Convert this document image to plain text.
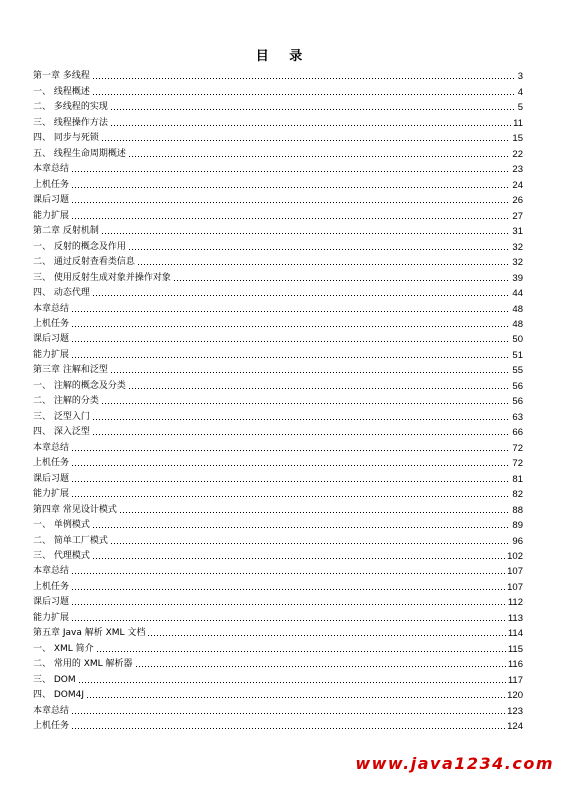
目 录
第一章 多线程	3
一、 线程概述	4
二、 多线程的实现	5
三、 线程操作方法	11
四、 同步与死锁	15
五、 线程生命周期概述	22
本章总结	23
上机任务	24
课后习题	26
能力扩展	27
第二章 反射机制	31
一、 反射的概念及作用	32
二、 通过反射查看类信息	32
三、 使用反射生成对象并操作对象	39
四、 动态代理	44
本章总结	48
上机任务	48
课后习题	50
能力扩展	51
第三章 注解和泛型	55
一、 注解的概念及分类	56
二、 注解的分类	56
三、 泛型入门	63
四、 深入泛型	66
本章总结	72
上机任务	72
课后习题	81
能力扩展	82
第四章 常见设计模式	88
一、 单例模式	89
二、 简单工厂模式	96
三、 代理模式	102
本章总结	107
上机任务	107
课后习题	112
能力扩展	113
第五章 Java 解析 XML 文档	114
一、 XML 简介	115
二、 常用的 XML 解析器	116
三、 DOM	117
四、 DOM4J	120
本章总结	123
上机任务	124
www.java1234.com
